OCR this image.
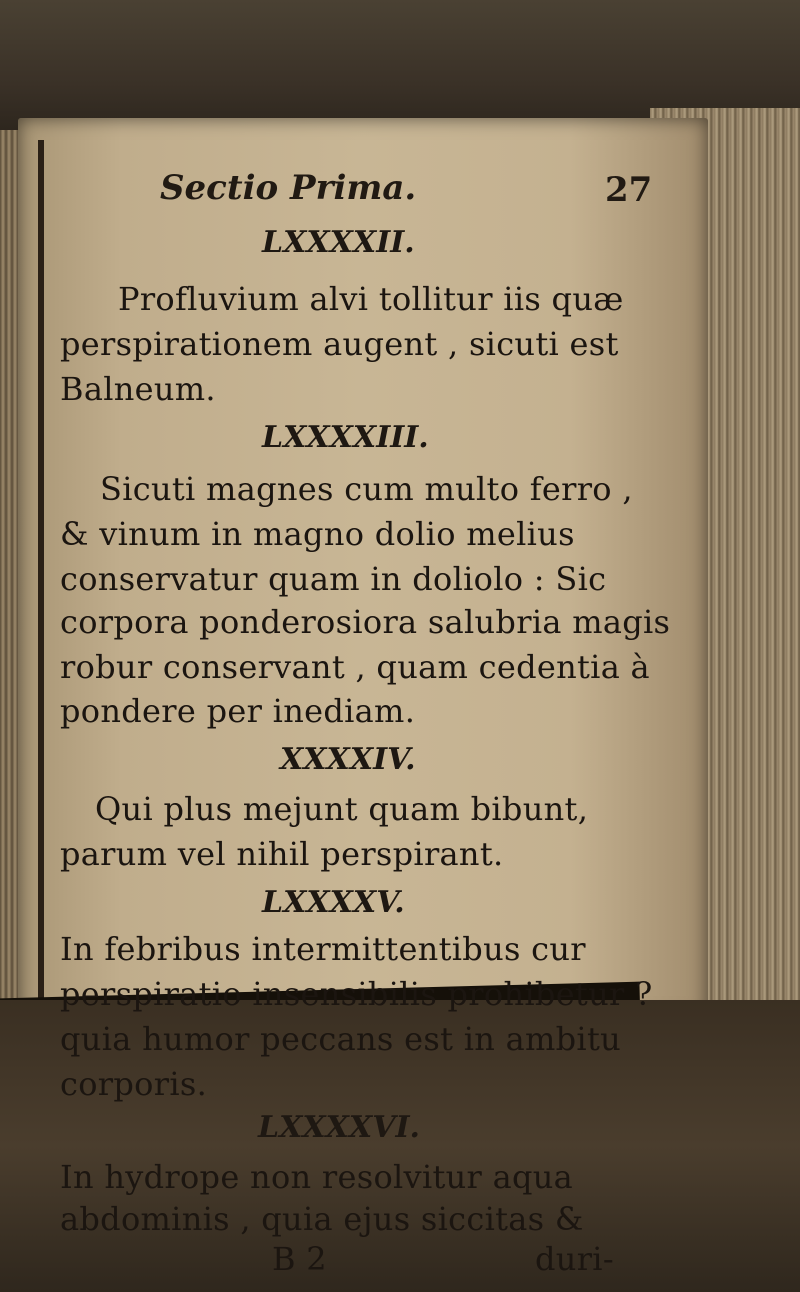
Sectio Prima.	27
LXXXXII.
Profluvium alvi tollitur iis quæ
perspirationem augent , sicuti est
Balneum.
LXXXXIII.
Sicuti magnes cum multo ferro ,
& vinum in magno dolio melius
conservatur quam in doliolo : Sic
corpora ponderosiora salubria magis
robur conservant , quam cedentia à
pondere per inediam.
XXXXIV.
Qui plus mejunt quam bibunt,
parum vel nihil perspirant.
LXXXXV.
In febribus intermittentibus cur
perspiratio insensibilis prohibetur ?
quia humor peccans est in ambitu
corporis.
LXXXXVI.
In hydrope non resolvitur aqua
abdominis , quia ejus siccitas &
B 2	duri-
